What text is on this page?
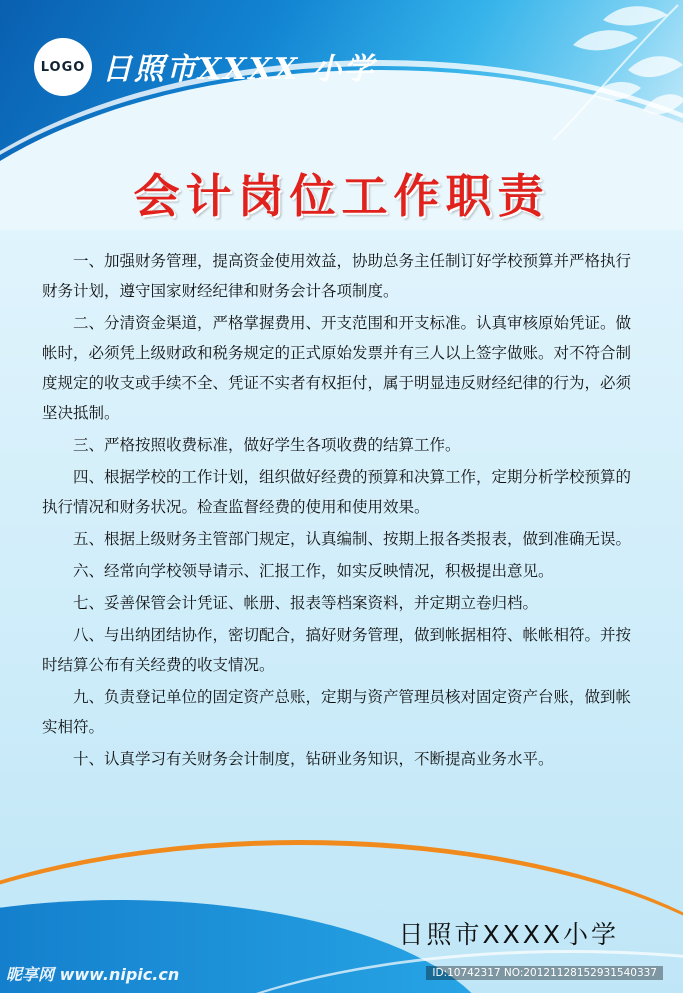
LOGO 日照市XXXX 小学
会计岗位工作职责

一、加强财务管理，提高资金使用效益，协助总务主任制订好学校预算并严格执行财务计划，遵守国家财经纪律和财务会计各项制度。

二、分清资金渠道，严格掌握费用、开支范围和开支标准。认真审核原始凭证。做帐时，必须凭上级财政和税务规定的正式原始发票并有三人以上签字做账。对不符合制度规定的收支或手续不全、凭证不实者有权拒付，属于明显违反财经纪律的行为，必须坚决抵制。

三、严格按照收费标准，做好学生各项收费的结算工作。

四、根据学校的工作计划，组织做好经费的预算和决算工作，定期分析学校预算的执行情况和财务状况。检查监督经费的使用和使用效果。

五、根据上级财务主管部门规定，认真编制、按期上报各类报表，做到准确无误。

六、经常向学校领导请示、汇报工作，如实反映情况，积极提出意见。

七、妥善保管会计凭证、帐册、报表等档案资料，并定期立卷归档。

八、与出纳团结协作，密切配合，搞好财务管理，做到帐据相符、帐帐相符。并按时结算公布有关经费的收支情况。

九、负责登记单位的固定资产总账，定期与资产管理员核对固定资产台账，做到帐实相符。

十、认真学习有关财务会计制度，钻研业务知识，不断提高业务水平。

日照市XXXX小学
昵享网 www.nipic.cn	ID:10742317 NO:20121128152931540337
